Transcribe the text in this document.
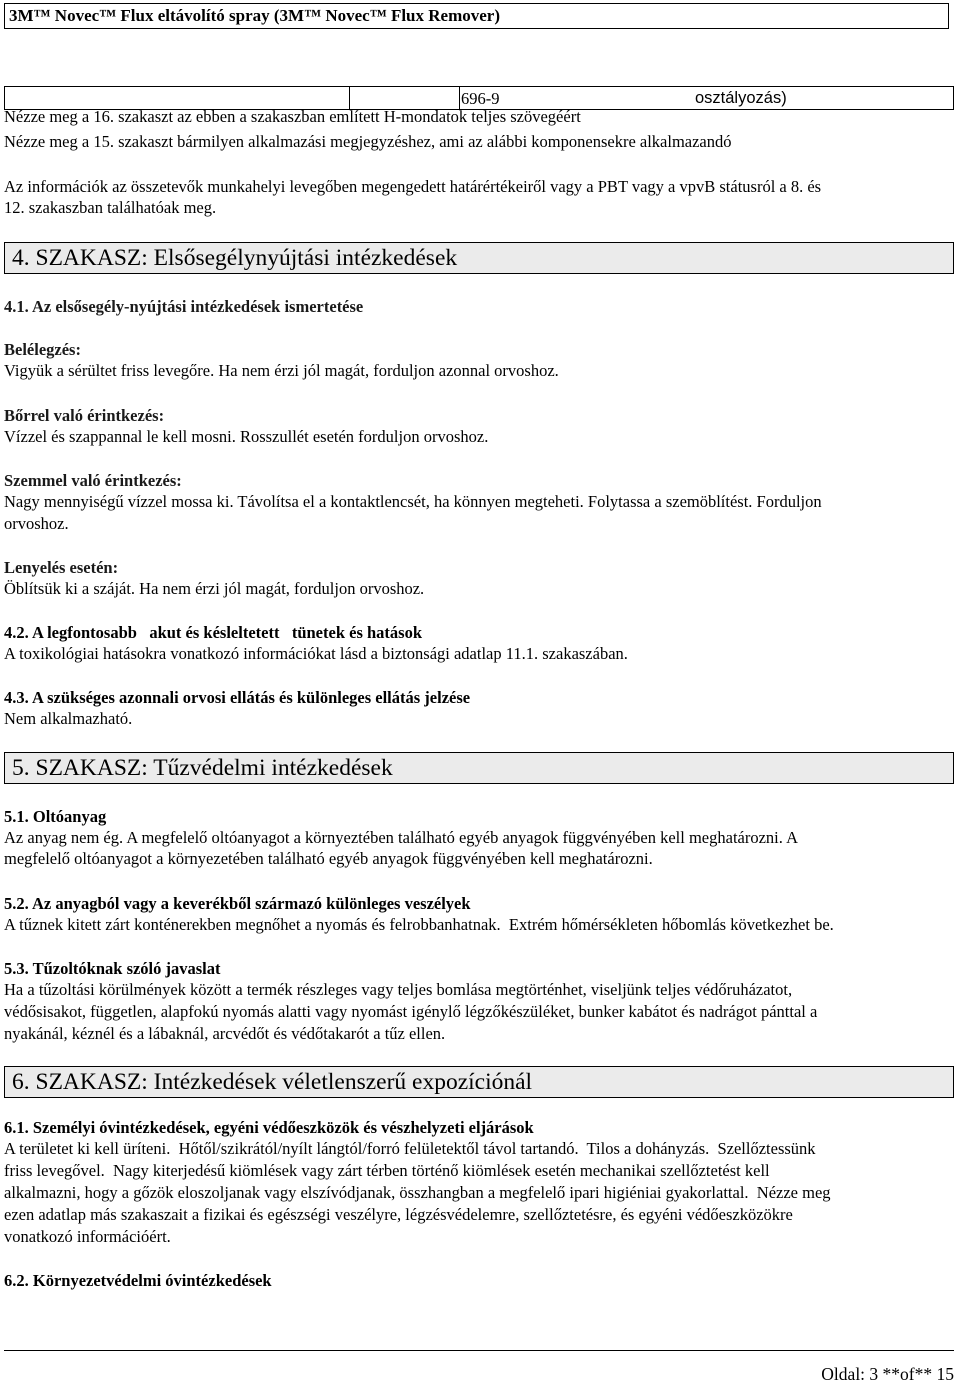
3M™ Novec™ Flux eltávolító spray (3M™ Novec™ Flux Remover)
696-9	osztályozás)
Nézze meg a 16. szakaszt az ebben a szakaszban említett H-mondatok teljes szövegéért
Nézze meg a 15. szakaszt bármilyen alkalmazási megjegyzéshez, ami az alábbi komponensekre alkalmazandó
Az információk az összetevők munkahelyi levegőben megengedett határértékeiről vagy a PBT vagy a vpvB státusról a 8. és
12. szakaszban találhatóak meg.
4. SZAKASZ: Elsősegélynyújtási intézkedések
4.1. Az elsősegély-nyújtási intézkedések ismertetése
Belélegzés:
Vigyük a sérültet friss levegőre. Ha nem érzi jól magát, forduljon azonnal orvoshoz.
Bőrrel való érintkezés:
Vízzel és szappannal le kell mosni. Rosszullét esetén forduljon orvoshoz.
Szemmel való érintkezés:
Nagy mennyiségű vízzel mossa ki. Távolítsa el a kontaktlencsét, ha könnyen megteheti. Folytassa a szemöblítést. Forduljon
orvoshoz.
Lenyelés esetén:
Öblítsük ki a száját. Ha nem érzi jól magát, forduljon orvoshoz.
4.2. A legfontosabb   akut és késleltetett   tünetek és hatások
A toxikológiai hatásokra vonatkozó információkat lásd a biztonsági adatlap 11.1. szakaszában.
4.3. A szükséges azonnali orvosi ellátás és különleges ellátás jelzése
Nem alkalmazható.
5. SZAKASZ: Tűzvédelmi intézkedések
5.1. Oltóanyag
Az anyag nem ég. A megfelelő oltóanyagot a környeztében található egyéb anyagok függvényében kell meghatározni. A
megfelelő oltóanyagot a környezetében található egyéb anyagok függvényében kell meghatározni.
5.2. Az anyagból vagy a keverékből származó különleges veszélyek
A tűznek kitett zárt konténerekben megnőhet a nyomás és felrobbanhatnak.  Extrém hőmérsékleten hőbomlás következhet be.
5.3. Tűzoltóknak szóló javaslat
Ha a tűzoltási körülmények között a termék részleges vagy teljes bomlása megtörténhet, viseljünk teljes védőruházatot,
védősisakot, független, alapfokú nyomás alatti vagy nyomást igénylő légzőkészüléket, bunker kabátot és nadrágot pánttal a
nyakánál, kéznél és a lábaknál, arcvédőt és védőtakarót a tűz ellen.
6. SZAKASZ: Intézkedések véletlenszerű expozíciónál
6.1. Személyi óvintézkedések, egyéni védőeszközök és vészhelyzeti eljárások
A területet ki kell üríteni.  Hőtől/szikrától/nyílt lángtól/forró felületektől távol tartandó.  Tilos a dohányzás.  Szellőztessünk
friss levegővel.  Nagy kiterjedésű kiömlések vagy zárt térben történő kiömlések esetén mechanikai szellőztetést kell
alkalmazni, hogy a gőzök eloszoljanak vagy elszívódjanak, összhangban a megfelelő ipari higiéniai gyakorlattal.  Nézze meg
ezen adatlap más szakaszait a fizikai és egészségi veszélyre, légzésvédelemre, szellőztetésre, és egyéni védőeszközökre
vonatkozó információért.
6.2. Környezetvédelmi óvintézkedések
Oldal: 3 **of** 15
